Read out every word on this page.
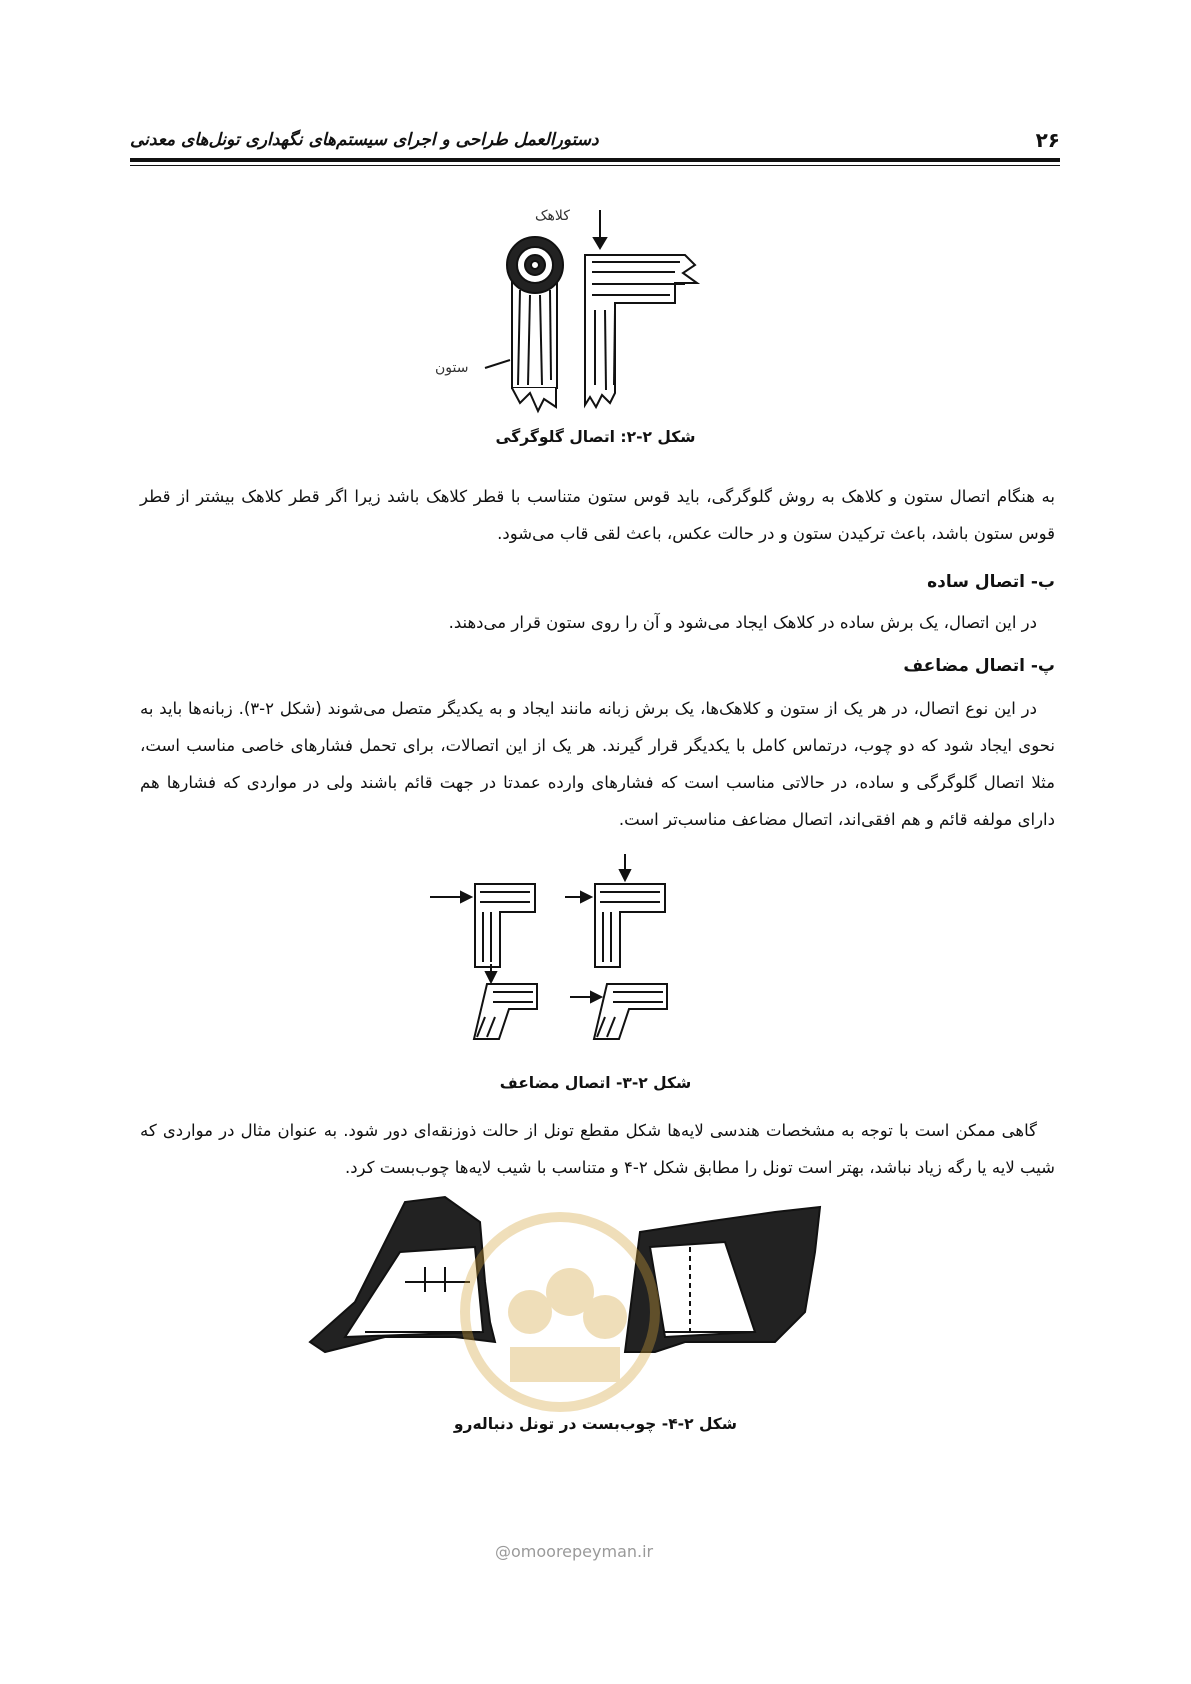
۲۶
دستورالعمل طراحی و اجرای سیستم‌های نگهداری تونل‌های معدنی
کلاهک
ستون

شکل ۲-۲: اتصال گلوگرگی

به هنگام اتصال ستون و کلاهک به روش گلوگرگی، باید قوس ستون متناسب با قطر کلاهک باشد زیرا اگر قطر کلاهک بیشتر از قطر قوس ستون باشد، باعث ترکیدن ستون و در حالت عکس، باعث لقی قاب می‌شود.

ب- اتصال ساده

در این اتصال، یک برش ساده در کلاهک ایجاد می‌شود و آن را روی ستون قرار می‌دهند.

پ- اتصال مضاعف

در این نوع اتصال، در هر یک از ستون و کلاهک‌ها، یک برش زبانه مانند ایجاد و به یکدیگر متصل می‌شوند (شکل ۲-۳). زبانه‌ها باید به نحوی ایجاد شود که دو چوب، درتماس کامل با یکدیگر قرار گیرند. هر یک از این اتصالات، برای تحمل فشارهای خاصی مناسب است، مثلا اتصال گلوگرگی و ساده، در حالاتی مناسب است که فشارهای وارده عمدتا در جهت قائم باشند ولی در مواردی که فشارها هم دارای مولفه قائم و هم افقی‌اند، اتصال مضاعف مناسب‌تر است.

شکل ۲-۳- اتصال مضاعف

گاهی ممکن است با توجه به مشخصات هندسی لایه‌ها شکل مقطع تونل از حالت ذوزنقه‌ای دور شود. به عنوان مثال در مواردی که شیب لایه یا رگه زیاد نباشد، بهتر است تونل را مطابق شکل ۲-۴ و متناسب با شیب لایه‌ها چوب‌بست کرد.

شکل ۲-۴- چوب‌بست در تونل دنباله‌رو

@omoorepeyman.ir
